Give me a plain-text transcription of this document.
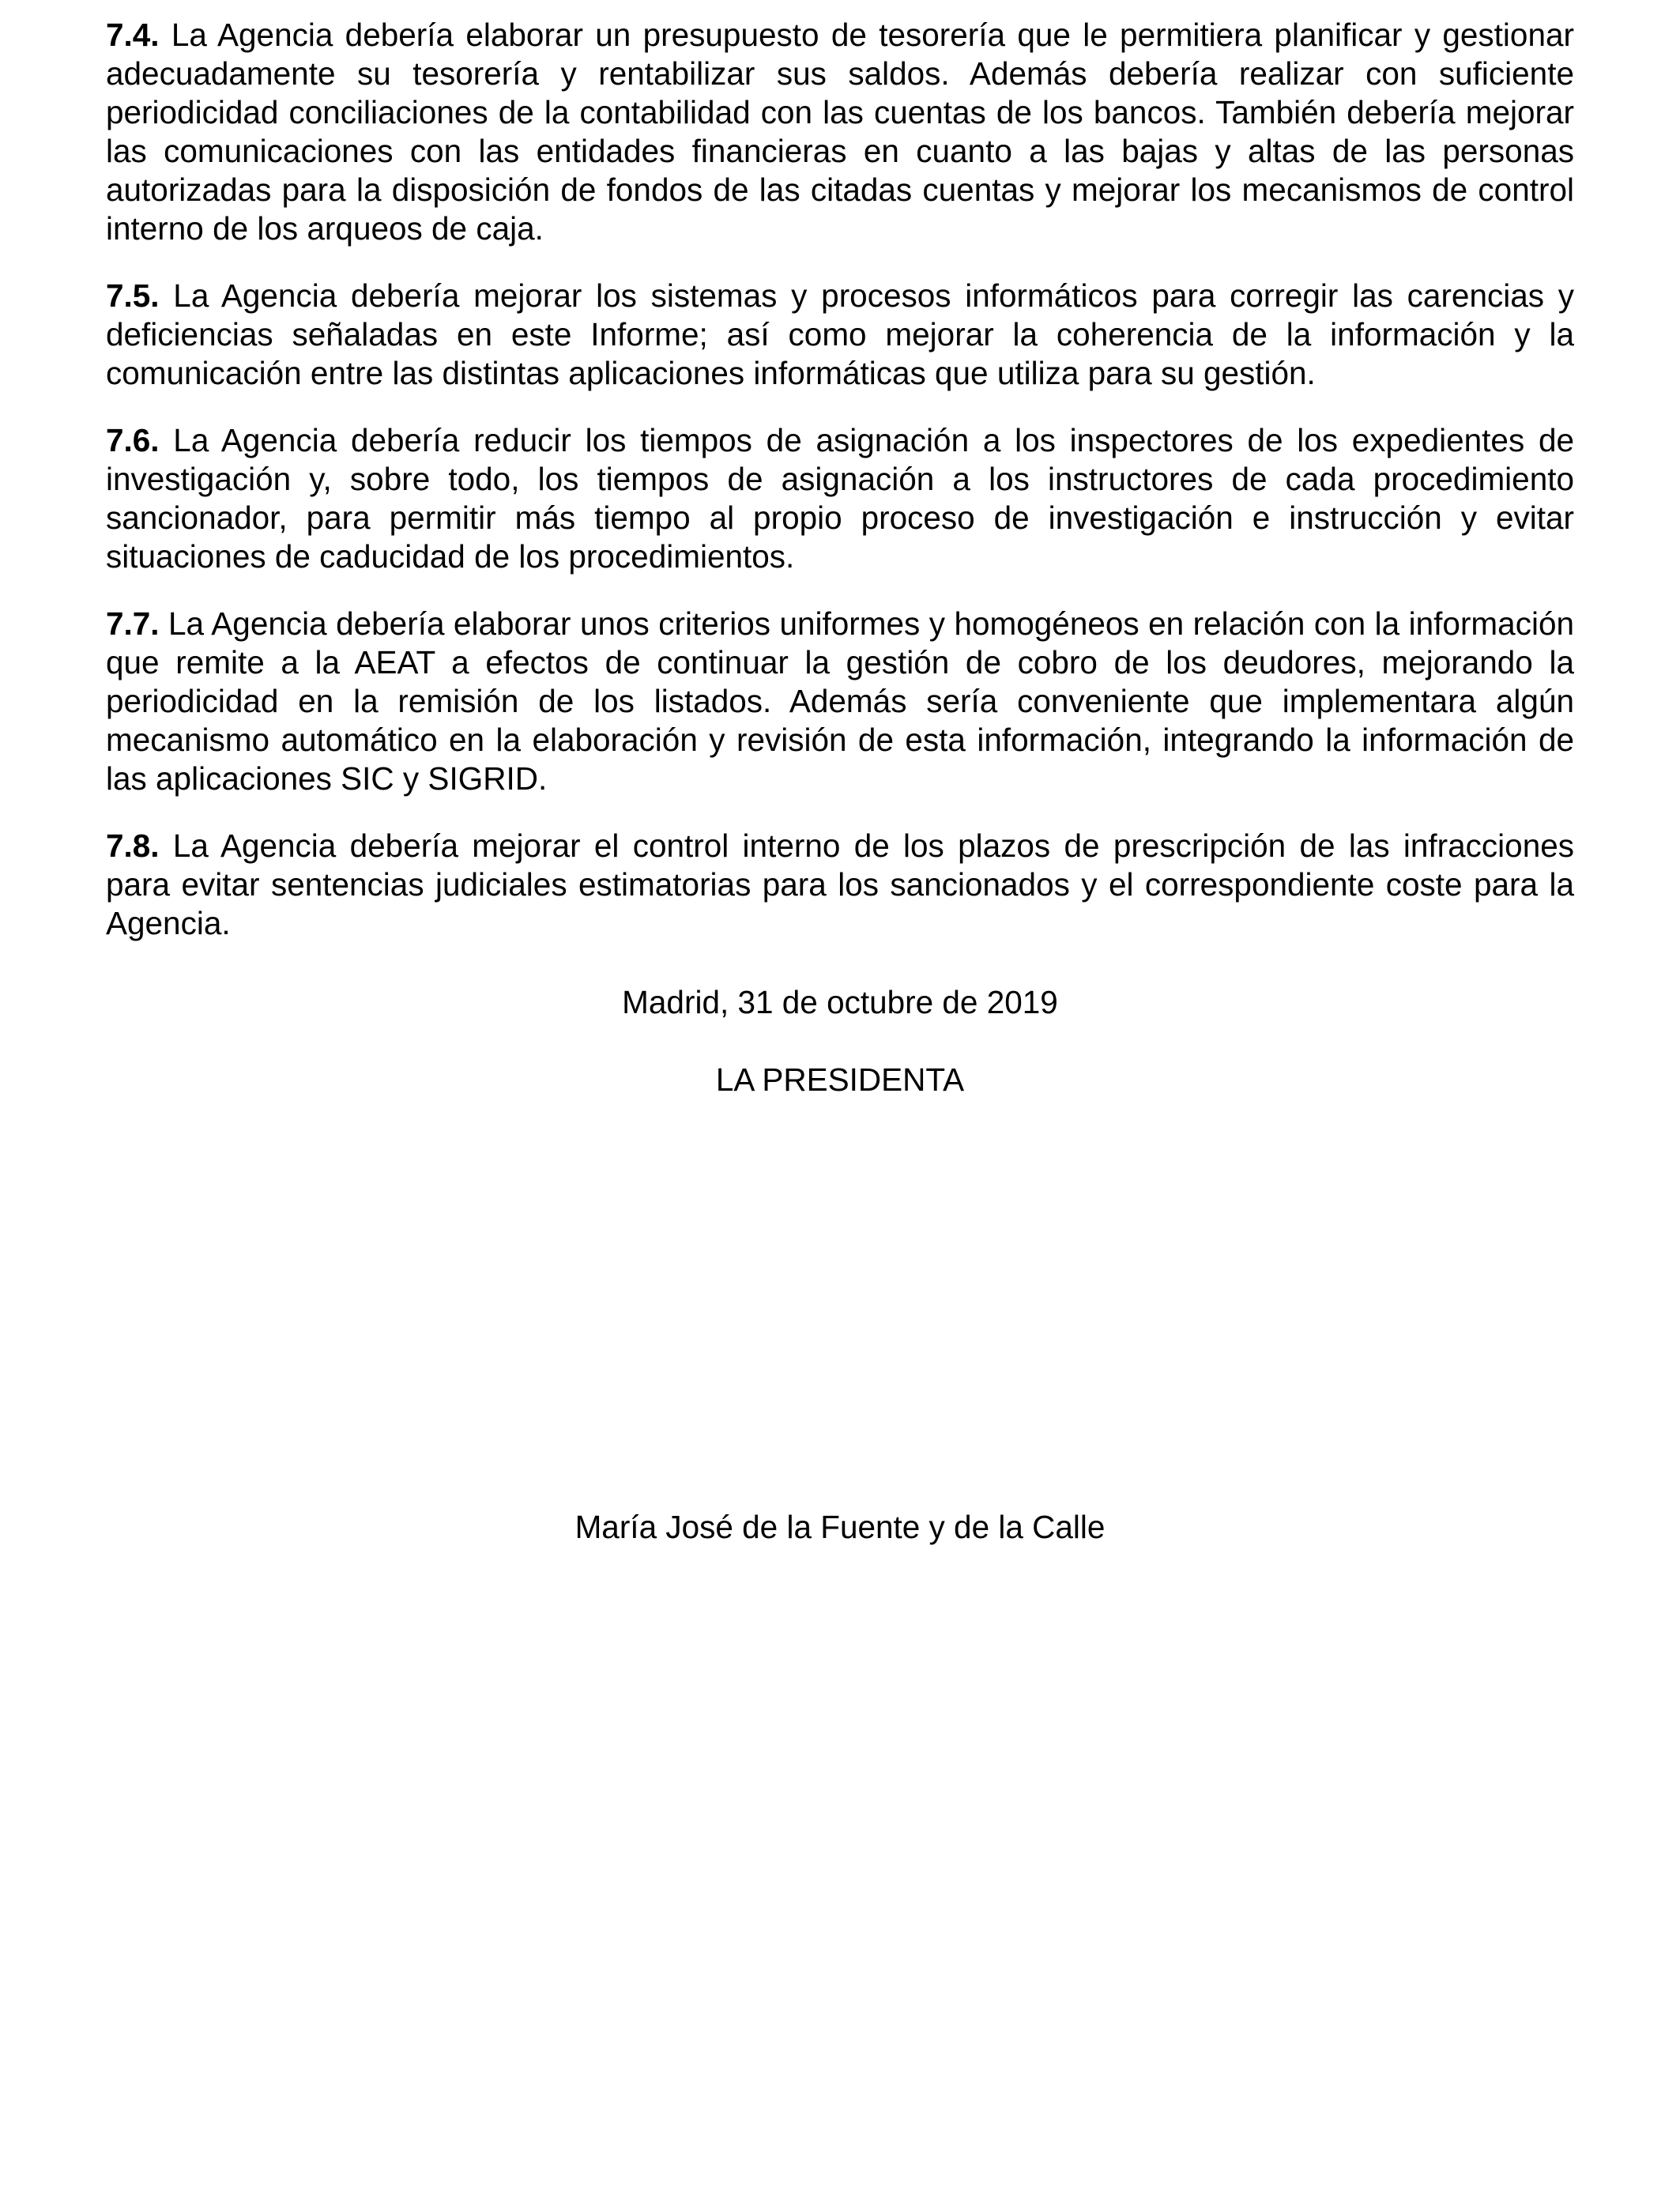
7.4. La Agencia debería elaborar un presupuesto de tesorería que le permitiera planificar y gestionar adecuadamente su tesorería y rentabilizar sus saldos. Además debería realizar con suficiente periodicidad conciliaciones de la contabilidad con las cuentas de los bancos. También debería mejorar las comunicaciones con las entidades financieras en cuanto a las bajas y altas de las personas autorizadas para la disposición de fondos de las citadas cuentas y mejorar los mecanismos de control interno de los arqueos de caja.

7.5. La Agencia debería mejorar los sistemas y procesos informáticos para corregir las carencias y deficiencias señaladas en este Informe; así como mejorar la coherencia de la información y la comunicación entre las distintas aplicaciones informáticas que utiliza para su gestión.

7.6. La Agencia debería reducir los tiempos de asignación a los inspectores de los expedientes de investigación y, sobre todo, los tiempos de asignación a los instructores de cada procedimiento sancionador, para permitir más tiempo al propio proceso de investigación e instrucción y evitar situaciones de caducidad de los procedimientos.

7.7. La Agencia debería elaborar unos criterios uniformes y homogéneos en relación con la información que remite a la AEAT a efectos de continuar la gestión de cobro de los deudores, mejorando la periodicidad en la remisión de los listados. Además sería conveniente que implementara algún mecanismo automático en la elaboración y revisión de esta información, integrando la información de las aplicaciones SIC y SIGRID.

7.8. La Agencia debería mejorar el control interno de los plazos de prescripción de las infracciones para evitar sentencias judiciales estimatorias para los sancionados y el correspondiente coste para la Agencia.

Madrid, 31 de octubre de 2019
LA PRESIDENTA
María José de la Fuente y de la Calle
